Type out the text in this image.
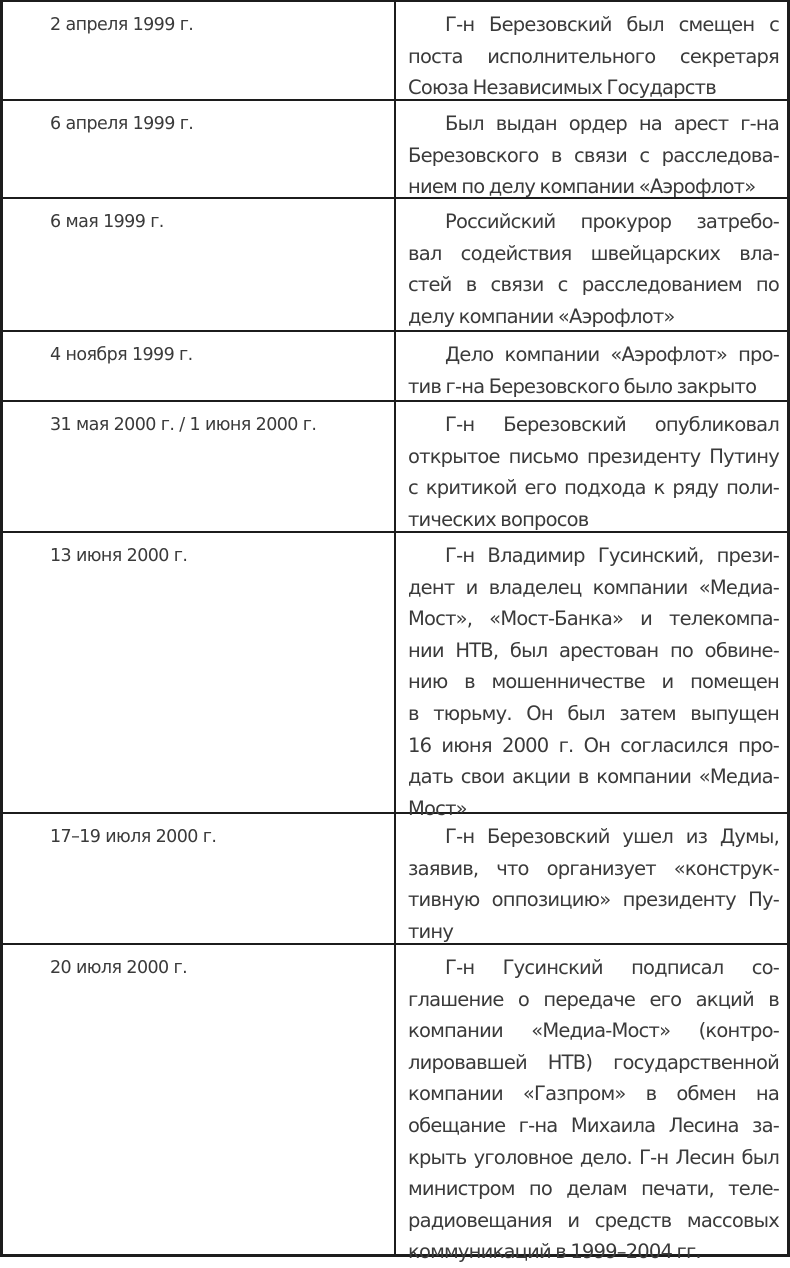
2 апреля 1999 г.	Г-н Березовский был смещен с
поста исполнительного секретаря
Союза Независимых Государств
6 апреля 1999 г.	Был выдан ордер на арест г-на
Березовского в связи с расследова-
нием по делу компании «Аэрофлот»
6 мая 1999 г.	Российский прокурор затребо-
вал содействия швейцарских вла-
стей в связи с расследованием по
делу компании «Аэрофлот»
4 ноября 1999 г.	Дело компании «Аэрофлот» про-
тив г-на Березовского было закрыто
31 мая 2000 г. / 1 июня 2000 г.	Г-н Березовский опубликовал
открытое письмо президенту Путину
с критикой его подхода к ряду поли-
тических вопросов
13 июня 2000 г.	Г-н Владимир Гусинский, прези-
дент и владелец компании «Медиа-
Мост», «Мост-Банка» и телекомпа-
нии НТВ, был арестован по обвине-
нию в мошенничестве и помещен
в тюрьму. Он был затем выпущен
16 июня 2000 г. Он согласился про-
дать свои акции в компании «Медиа-
Мост»
17–19 июля 2000 г.	Г-н Березовский ушел из Думы,
заявив, что организует «конструк-
тивную оппозицию» президенту Пу-
тину
20 июля 2000 г.	Г-н Гусинский подписал со-
глашение о передаче его акций в
компании «Медиа-Мост» (контро-
лировавшей НТВ) государственной
компании «Газпром» в обмен на
обещание г-на Михаила Лесина за-
крыть уголовное дело. Г-н Лесин был
министром по делам печати, теле-
радиовещания и средств массовых
коммуникаций в 1999–2004 гг.
